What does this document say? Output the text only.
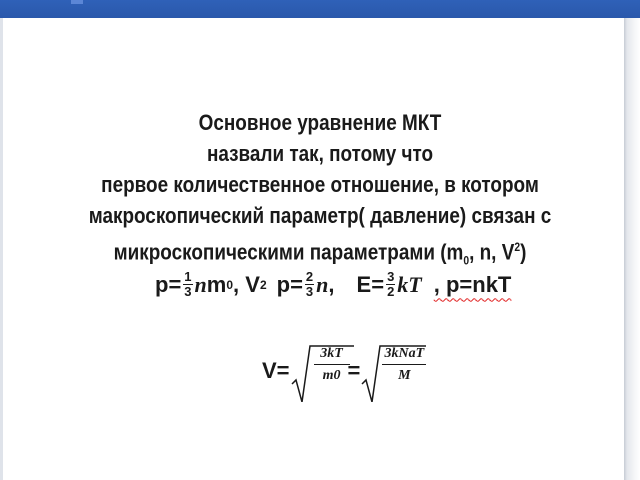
Основное уравнение МКТ
назвали так, потому что
первое количественное отношение, в котором
макроскопический параметр( давление) связан с
микроскопическими параметрами ($m_0$, n, $V^2$)
$p= \frac{1}{3}$ n m 0 , V 2 $p= \frac{2}{3}$ n , $E= \frac{3}{2}$ kT , p=nkT
$V= \frac{3kT}{m0}$
=
3kNaT
M
